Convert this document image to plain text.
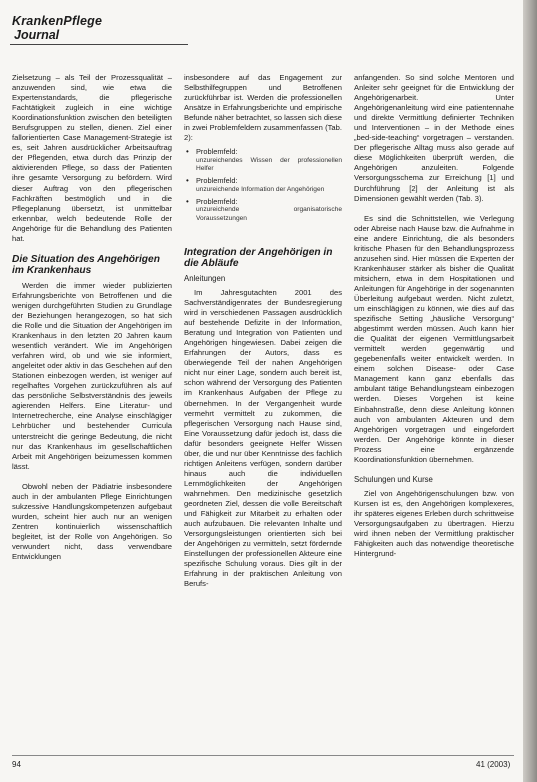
KrankenPflege
Journal

Zielsetzung – als Teil der Prozessqualität – anzuwenden sind, wie etwa die Expertenstandards, die pflegerische Fachtätigkeit zugleich in eine wichtige Koordinationsfunktion zwischen den beteiligten Berufsgruppen zu stellen, dienen. Ziel einer fallorientierten Case Management-Strategie ist es, seit Jahren ausdrücklicher Arbeitsauftrag der Pflegenden, etwa durch das Prinzip der aktivierenden Pflege, so dass der Patienten ihre gesamte Versorgung zu befördern. Wird dieser Auftrag von den pflegerischen Fachkräften bestmöglich und in die Pflegeplanung übersetzt, ist unmittelbar erkennbar, welch bedeutende Rolle der Angehörige für die Behandlung des Patienten hat.

Die Situation des Angehörigen im Krankenhaus

Werden die immer wieder publizierten Erfahrungsberichte von Betroffenen und die wenigen durchgeführten Studien zu Grundlage der Beziehungen herangezogen, so hat sich die Rolle und die Situation der Angehörigen im Krankenhaus in den letzten 20 Jahren kaum wesentlich verändert. Wie im Angehörigen verfahren wird, ob und wie sie informiert, angeleitet oder aktiv in das Geschehen auf den Stationen einbezogen werden, ist weniger auf regelhaftes Vorgehen zurückzuführen als auf das persönliche Selbstverständnis des jeweils agierenden Helfers. Eine Literatur- und Internetrecherche, eine Analyse einschlägiger Lehrbücher und bestehender Curricula unterstreicht die geringe Bedeutung, die nicht nur das Krankenhaus im gesellschaftlichen Arbeit mit Angehörigen beizumessen kommen lässt.

Obwohl neben der Pädiatrie insbesondere auch in der ambulanten Pflege Einrichtungen sukzessive Handlungskompetenzen aufgebaut wurden, scheint hier auch nur an wenigen Zentren kontinuierlich wissenschaftlich begleitet, ist der Rolle von Angehörigen. So verwundert nicht, dass verwendbare Entwicklungen

insbesondere auf das Engagement zur Selbsthilfegruppen und Betroffenen zurückführbar ist. Werden die professionellen Ansätze in Erfahrungsberichte und empirische Befunde näher betrachtet, so lassen sich diese in zwei Problemfeldern zusammenfassen (Tab. 2):

• Problemfeld:
unzureichendes Wissen der professionellen Helfer
• Problemfeld:
unzureichende Information der Angehörigen
• Problemfeld:
unzureichende organisatorische Voraussetzungen
Integration der Angehörigen in die Abläufe
Anleitungen

Im Jahresgutachten 2001 des Sachverständigenrates der Bundesregierung wird in verschiedenen Passagen ausdrücklich auf bestehende Defizite in der Information, Beratung und Integration von Patienten und Angehörigen hingewiesen. Dabei zeigen die Erfahrungen der Autors, dass es überwiegende Teil der nahen Angehörigen nicht nur einer Lage, sondern auch bereit ist, schon während der Versorgung des Patienten im Krankenhaus Aufgaben der Pflege zu übernehmen. In der Vergangenheit wurde vermehrt vermittelt zu zukommen, die pflegerischen Versorgung nach Hause sind, Eine Voraussetzung dafür jedoch ist, dass die dafür besonders geeignete Helfer Wissen über, die und nur über Kenntnisse des fachlich richtigen Anleitens verfügen, sondern darüber hinaus auch die individuellen Lernmöglichkeiten der Angehörigen wahrnehmen. Den medizinische gesetzlich geordneten Ziel, dessen die volle Bereitschaft und Fähigkeit zur Mitarbeit zu erhalten oder auch aufzubauen. Die relevanten Inhalte und Versorgungsleistungen orientierten sich bei der Angehörigen zu vermitteln, setzt fördernde Einstellungen der professionellen Akteure eine spezifische Schulung voraus. Dies gilt in der Erfahrung in der praktischen Anleitung von Berufs-

anfangenden. So sind solche Mentoren und Anleiter sehr geeignet für die Entwicklung der Angehörigenarbeit. Unter Angehörigenanleitung wird eine patientennahe und direkte Vermittlung definierter Techniken und Interventionen – in der Methode eines „bed-side-teaching“ vorgetragen – verstanden. Der pflegerische Alltag muss also gerade auf diese Möglichkeiten überprüft werden, die Angehörigen anzuleiten. Folgende Versorgungsschema zur Erreichung [1] und Durchführung [2] der Anleitung ist als Dimensionen gewählt werden (Tab. 3).

Es sind die Schnittstellen, wie Verlegung oder Abreise nach Hause bzw. die Aufnahme in eine andere Einrichtung, die als besonders kritische Phasen für den Behandlungsprozess anzusehen sind. Hier müssen die Experten der Krankenhäuser stärker als bisher die Qualität mitsichern, etwa in dem Hospitationen und Anleitungen für Angehörige in der sogenannten Überleitung aufgebaut werden. Nicht zuletzt, um einschlägigen zu können, wie dies auf das spezifische Setting „häusliche Versorgung“ abgestimmt werden müssen. Auch kann hier die Qualität der eigenen Vermittlungsarbeit vermittelt werden gegenwärtig und gegebenenfalls weiter entwickelt werden. In einem solchen Disease- oder Case Management kann ganz ebenfalls das ambulant tätige Behandlungsteam einbezogen werden. Dieses Vorgehen ist keine Einbahnstraße, denn diese Anleitung können auch von ambulanten Akteuren und dem Angehörigen vorgetragen und eingefordert werden. Der Angehörige könnte in dieser Prozess eine ergänzende Koordinationsfunktion übernehmen.

Schulungen und Kurse

Ziel von Angehörigenschulungen bzw. von Kursen ist es, den Angehörigen komplexeres, ihr späteres eigenes Erleben durch schrittweise Versorgungsaufgaben zu übertragen. Hierzu wird ihnen neben der Vermittlung praktischer Fähigkeiten auch das notwendige theoretische Hintergrund-

94	41 (2003)
